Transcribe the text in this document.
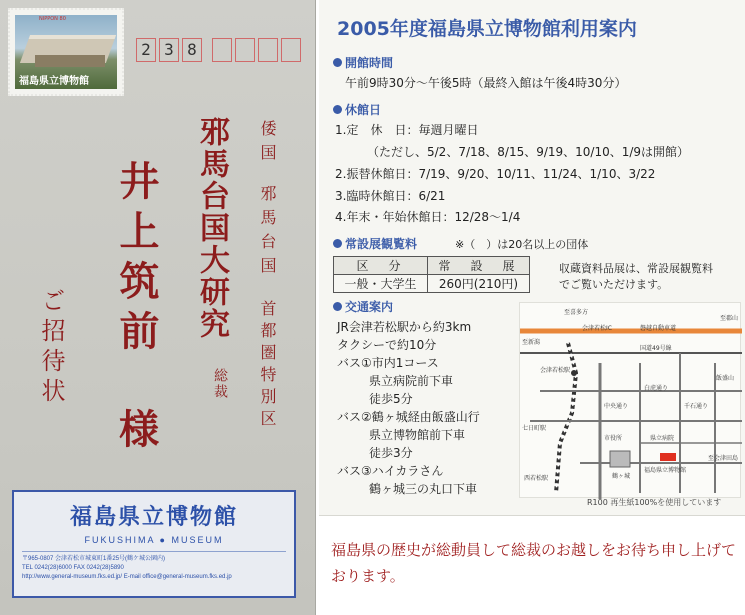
NIPPON 80
福島県立博物館
2 3 8
倭国
邪馬台国
首都圏特別区
邪馬台国大研究
総裁
井上筑前
様
ご招待状
福島県立博物館
FUKUSHIMA ● MUSEUM
〒965-0807 会津若松市城東町1番25号(鶴ケ城公園内)
TEL 0242(28)6000 FAX 0242(28)5890
http://www.general-museum.fks.ed.jp/ E-mail office@general-museum.fks.ed.jp
2005年度福島県立博物館利用案内
開館時間
午前9時30分〜午後5時（最終入館は午後4時30分）
休館日
1.定　休　日：毎週月曜日
（ただし、5/2、7/18、8/15、9/19、10/10、1/9は開館）
2.振替休館日：7/19、9/20、10/11、11/24、1/10、3/22
3.臨時休館日：6/21
4.年末・年始休館日：12/28〜1/4
常設展観覧料	※（　）は20名以上の団体
区　分	常　設　展
一般・大学生	260円(210円)
収蔵資料品展は、常設展観覧料
でご覧いただけます。
交通案内
JR会津若松駅から約3km
タクシーで約10分
バス①市内1コース
県立病院前下車
徒歩5分
バス②鶴ヶ城経由飯盛山行
県立博物館前下車
徒歩3分
バス③ハイカラさん
鶴ヶ城三の丸口下車
至喜多方
会津若松IC	磐越自動車道
国道49号線
至郡山
至新潟
会津若松駅
白虎通り
市役所	県立病院
福島県立博物館
鶴ヶ城
七日町駅
西若松駅
中央通り	千石通り
飯盛山
至会津田島
R100 再生紙100%を使用しています
福島県の歴史が総動員して総裁のお越しをお待ち申し上げております。
